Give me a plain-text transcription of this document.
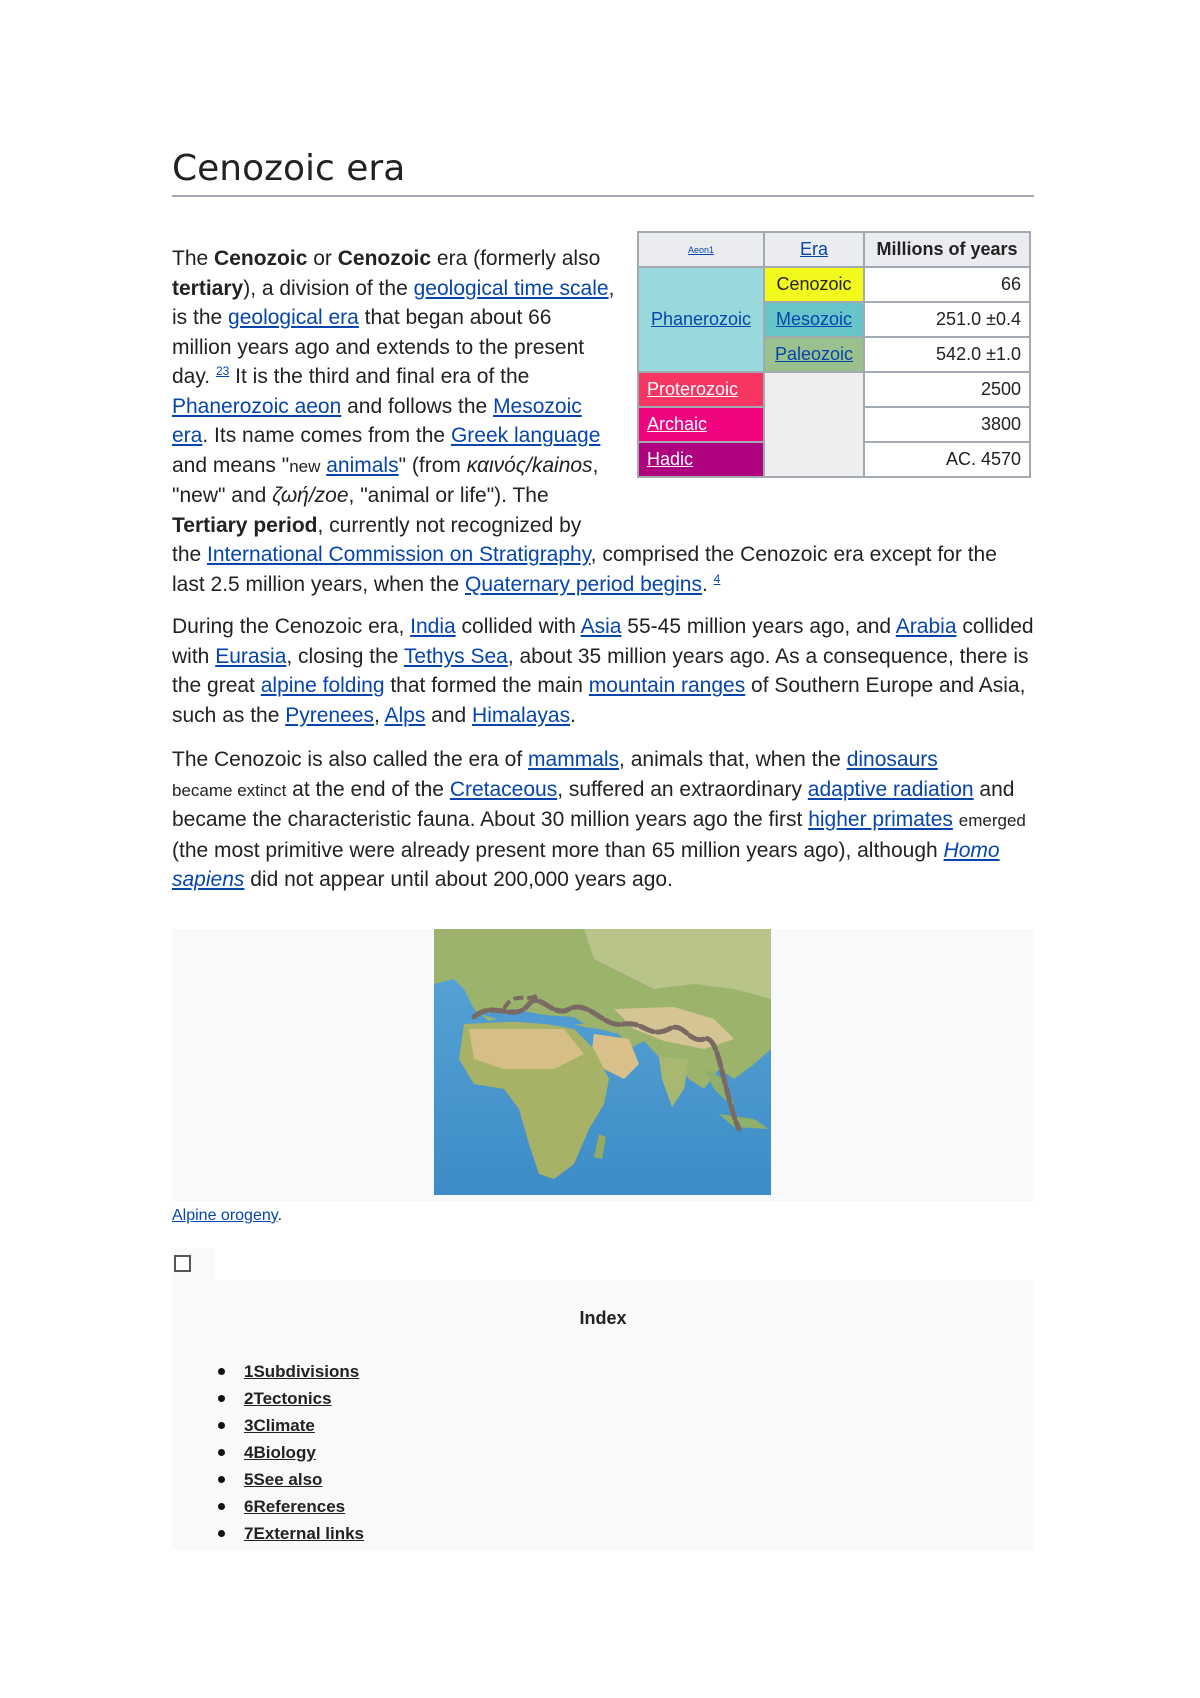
Cenozoic era

The Cenozoic or Cenozoic era (formerly also tertiary), a division of the geological time scale, is the geological era that began about 66 million years ago and extends to the present day. $^{23}$ It is the third and final era of the Phanerozoic aeon and follows the Mesozoic era. Its name comes from the Greek language and means "new animals" (from καινός/kainos, "new" and ζωή/zoe, "animal or life"). The Tertiary period, currently not recognized by the International Commission on Stratigraphy, comprised the Cenozoic era except for the last 2.5 million years, when the Quaternary period begins. $^4$

During the Cenozoic era, India collided with Asia 55-45 million years ago, and Arabia collided with Eurasia, closing the Tethys Sea, about 35 million years ago. As a consequence, there is the great alpine folding that formed the main mountain ranges of Southern Europe and Asia, such as the Pyrenees, Alps and Himalayas.

The Cenozoic is also called the era of mammals, animals that, when the dinosaurs
became extinct at the end of the Cretaceous, suffered an extraordinary adaptive radiation and became the characteristic fauna. About 30 million years ago the first higher primates emerged (the most primitive were already present more than 65 million years ago), although Homo sapiens did not appear until about 200,000 years ago.

Aeon1	Era	Millions of years
Phanerozoic	Cenozoic	66
	Mesozoic	251.0 ±0.4
	Paleozoic	542.0 ±1.0
Proterozoic		2500
Archaic		3800
Hadic		AC. 4570
Alpine orogeny.
Index
1Subdivisions
2Tectonics
3Climate
4Biology
5See also
6References
7External links
